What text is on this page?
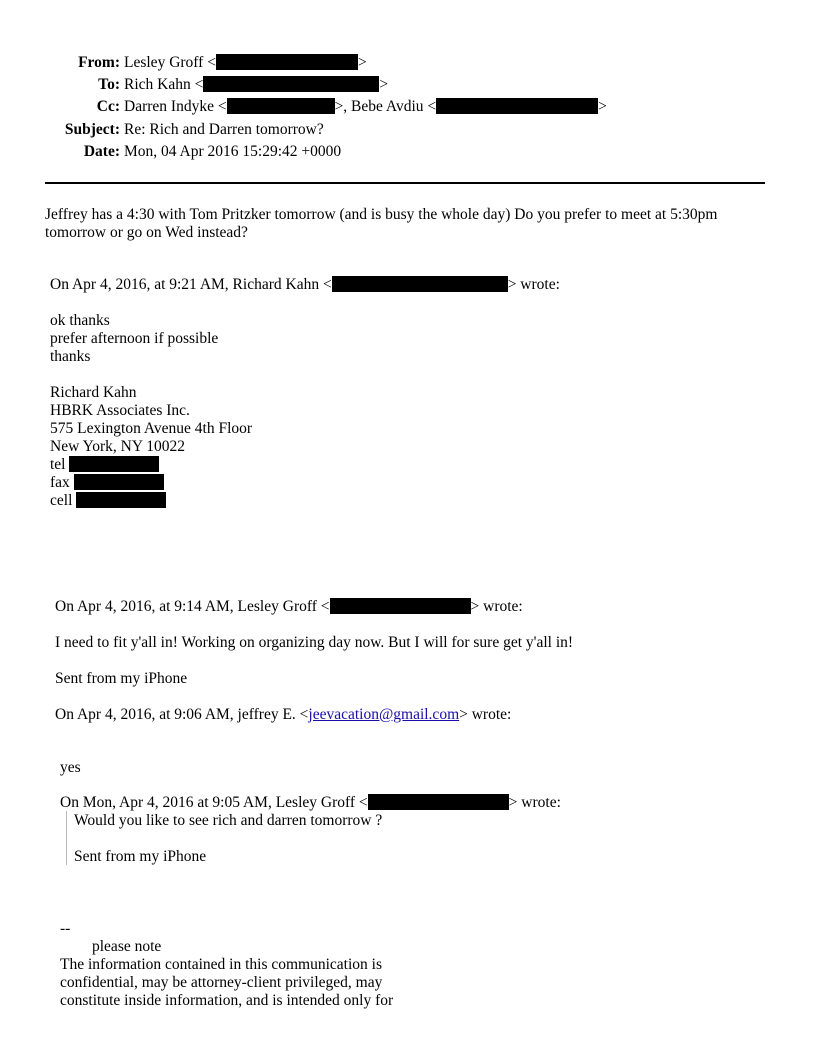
From: Lesley Groff <	>
To: Rich Kahn <	>
Cc: Darren Indyke <	>, Bebe Avdiu <	>
Subject: Re: Rich and Darren tomorrow?
Date: Mon, 04 Apr 2016 15:29:42 +0000
Jeffrey has a 4:30 with Tom Pritzker tomorrow (and is busy the whole day) Do you prefer to meet at 5:30pm
tomorrow or go on Wed instead?
On Apr 4, 2016, at 9:21 AM, Richard Kahn <	> wrote:
ok thanks
prefer afternoon if possible
thanks
Richard Kahn
HBRK Associates Inc.
575 Lexington Avenue 4th Floor
New York, NY 10022
tel
fax
cell
On Apr 4, 2016, at 9:14 AM, Lesley Groff <	> wrote:
I need to fit y'all in! Working on organizing day now. But I will for sure get y'all in!
Sent from my iPhone
On Apr 4, 2016, at 9:06 AM, jeffrey E. <jeevacation@gmail.com> wrote:
yes
On Mon, Apr 4, 2016 at 9:05 AM, Lesley Groff <	> wrote:
Would you like to see rich and darren tomorrow ?
Sent from my iPhone
--
please note
The information contained in this communication is
confidential, may be attorney-client privileged, may
constitute inside information, and is intended only for
